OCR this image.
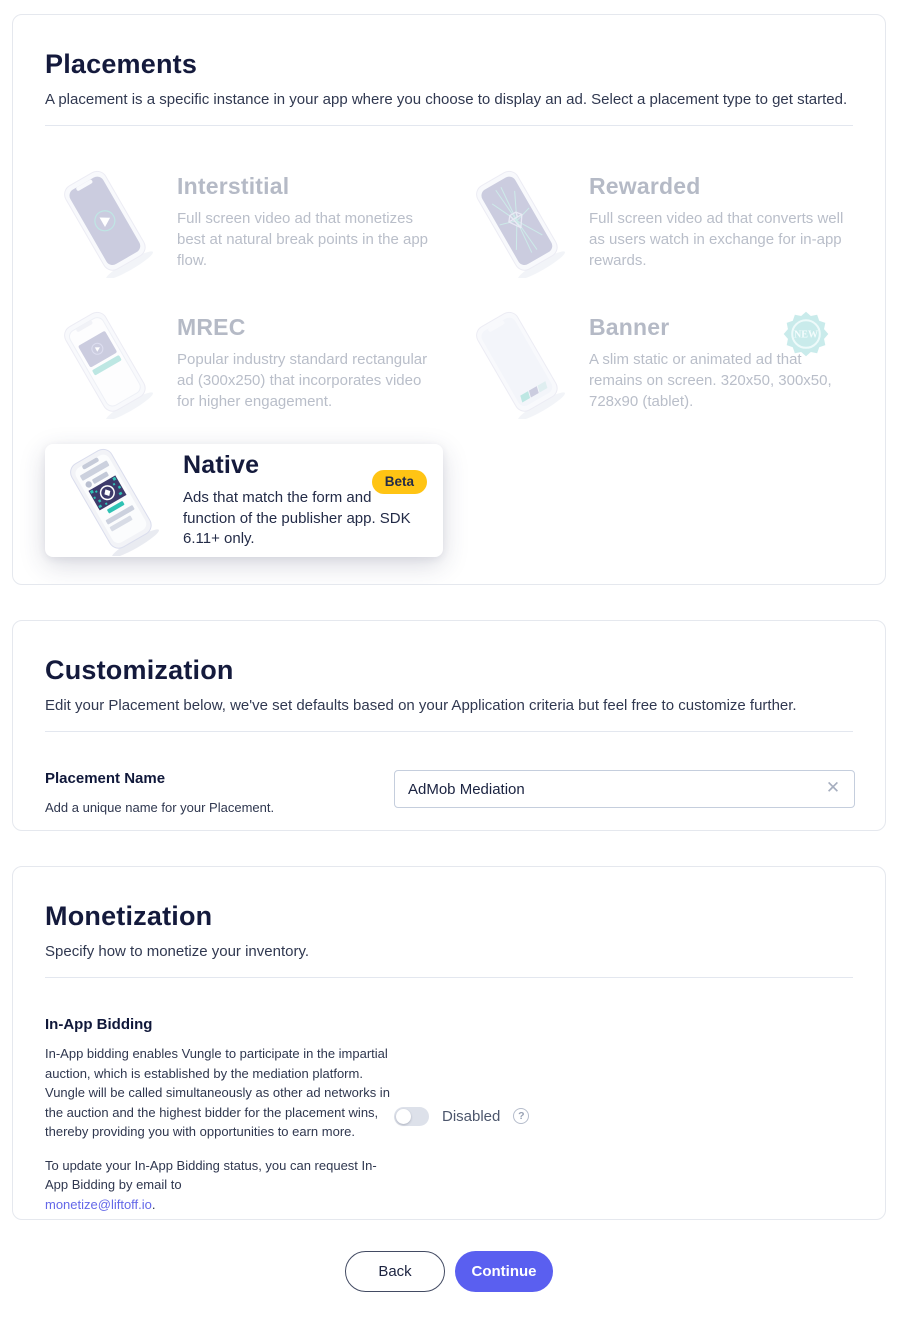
Placements

A placement is a specific instance in your app where you choose to display an ad. Select a placement type to get started.

Interstitial

Full screen video ad that monetizes best at natural break points in the app flow.

Rewarded

Full screen video ad that converts well as users watch in exchange for in-app rewards.

MREC

Popular industry standard rectangular ad (300x250) that incorporates video for higher engagement.

Banner

A slim static or animated ad that remains on screen. 320x50, 300x50, 728x90 (tablet).

NEW
Native

Ads that match the form and function of the publisher app. SDK 6.11+ only.

Beta
Customization

Edit your Placement below, we've set defaults based on your Application criteria but feel free to customize further.

Placement Name

Add a unique name for your Placement.

AdMob Mediation
✕
Monetization

Specify how to monetize your inventory.

In-App Bidding

In-App bidding enables Vungle to participate in the impartial auction, which is established by the mediation platform. Vungle will be called simultaneously as other ad networks in the auction and the highest bidder for the placement wins, thereby providing you with opportunities to earn more.

To update your In-App Bidding status, you can request In-App Bidding by email to
monetize@liftoff.io.

Disabled	?
Back	Continue
